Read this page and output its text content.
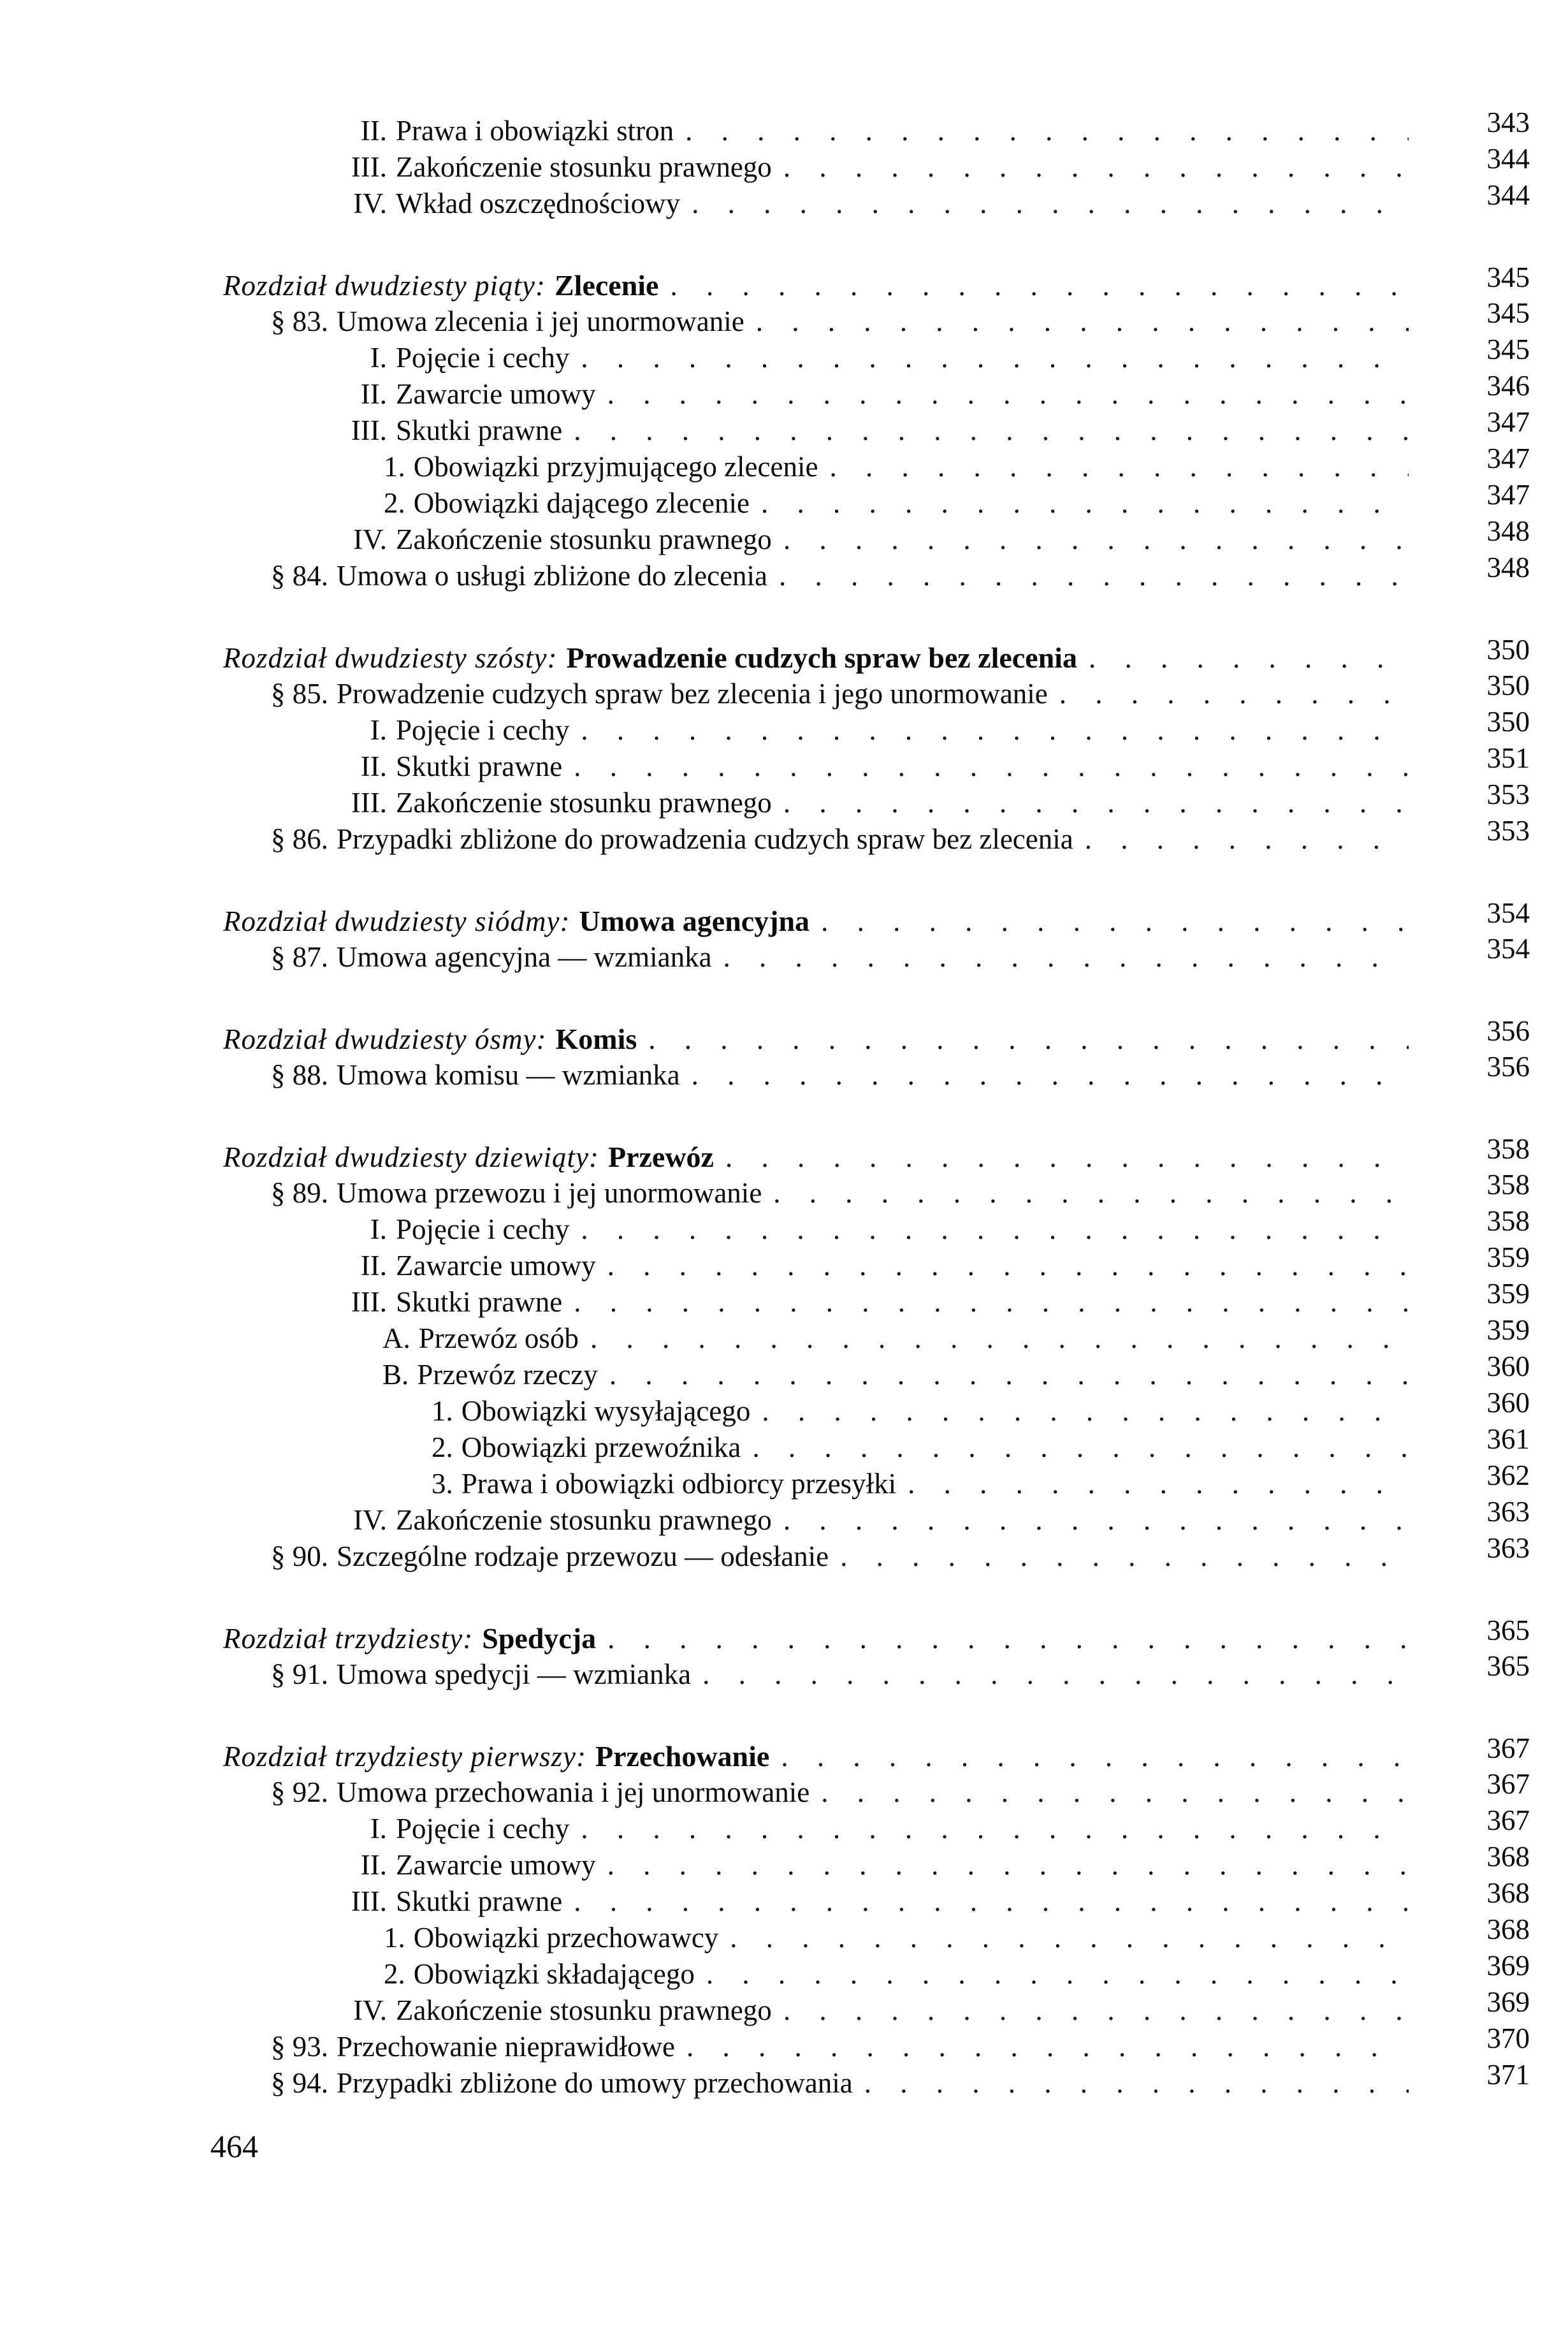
II. Prawa i obowiązki stron . . .	343
III. Zakończenie stosunku prawnego . . .	344
IV. Wkład oszczędnościowy . . .	344
Rozdział dwudziesty piąty: Zlecenie . . .	345
§ 83. Umowa zlecenia i jej unormowanie . . .	345
I. Pojęcie i cechy . . .	345
II. Zawarcie umowy . . .	346
III. Skutki prawne . . .	347
1. Obowiązki przyjmującego zlecenie . . .	347
2. Obowiązki dającego zlecenie . . .	347
IV. Zakończenie stosunku prawnego . . .	348
§ 84. Umowa o usługi zbliżone do zlecenia . . .	348
Rozdział dwudziesty szósty: Prowadzenie cudzych spraw bez zlecenia . . .	350
§ 85. Prowadzenie cudzych spraw bez zlecenia i jego unormowanie . . .	350
I. Pojęcie i cechy . . .	350
II. Skutki prawne . . .	351
III. Zakończenie stosunku prawnego . . .	353
§ 86. Przypadki zbliżone do prowadzenia cudzych spraw bez zlecenia . . .	353
Rozdział dwudziesty siódmy: Umowa agencyjna . . .	354
§ 87. Umowa agencyjna — wzmianka . . .	354
Rozdział dwudziesty ósmy: Komis . . .	356
§ 88. Umowa komisu — wzmianka . . .	356
Rozdział dwudziesty dziewiąty: Przewóz . . .	358
§ 89. Umowa przewozu i jej unormowanie . . .	358
I. Pojęcie i cechy . . .	358
II. Zawarcie umowy . . .	359
III. Skutki prawne . . .	359
A. Przewóz osób . . .	359
B. Przewóz rzeczy . . .	360
1. Obowiązki wysyłającego . . .	360
2. Obowiązki przewoźnika . . .	361
3. Prawa i obowiązki odbiorcy przesyłki . . .	362
IV. Zakończenie stosunku prawnego . . .	363
§ 90. Szczególne rodzaje przewozu — odesłanie . . .	363
Rozdział trzydziesty: Spedycja . . .	365
§ 91. Umowa spedycji — wzmianka . . .	365
Rozdział trzydziesty pierwszy: Przechowanie . . .	367
§ 92. Umowa przechowania i jej unormowanie . . .	367
I. Pojęcie i cechy . . .	367
II. Zawarcie umowy . . .	368
III. Skutki prawne . . .	368
1. Obowiązki przechowawcy . . .	368
2. Obowiązki składającego . . .	369
IV. Zakończenie stosunku prawnego . . .	369
§ 93. Przechowanie nieprawidłowe . . .	370
§ 94. Przypadki zbliżone do umowy przechowania . . .	371
464
